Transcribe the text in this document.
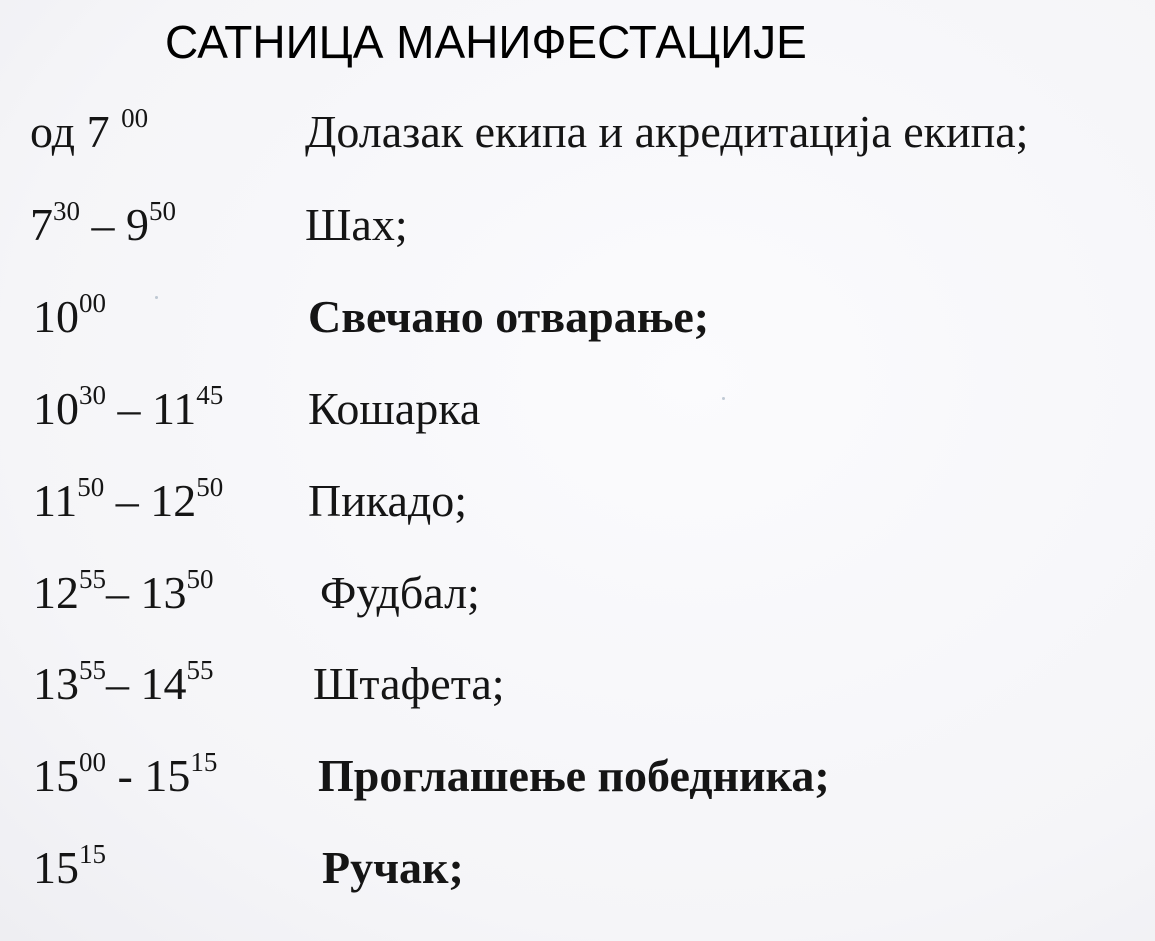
САТНИЦА МАНИФЕСТАЦИЈЕ
од 7 $^{00}$	Долазак екипа и акредитација екипа;
$7^{30} - 9^{50}$	Шах;
$10^{00}$	Свечано отварање;
$10^{30} - 11^{45}$ Кошарка
$11^{50} - 12^{50}$ Пикадо;
$12^{55}-$ $13^{50}$ Фудбал;
$13^{55}-$ $14^{55}$ Штафета;
$15^{00} - 15^{15}$ Проглашење победника;
$15^{15}$	Ручак;
